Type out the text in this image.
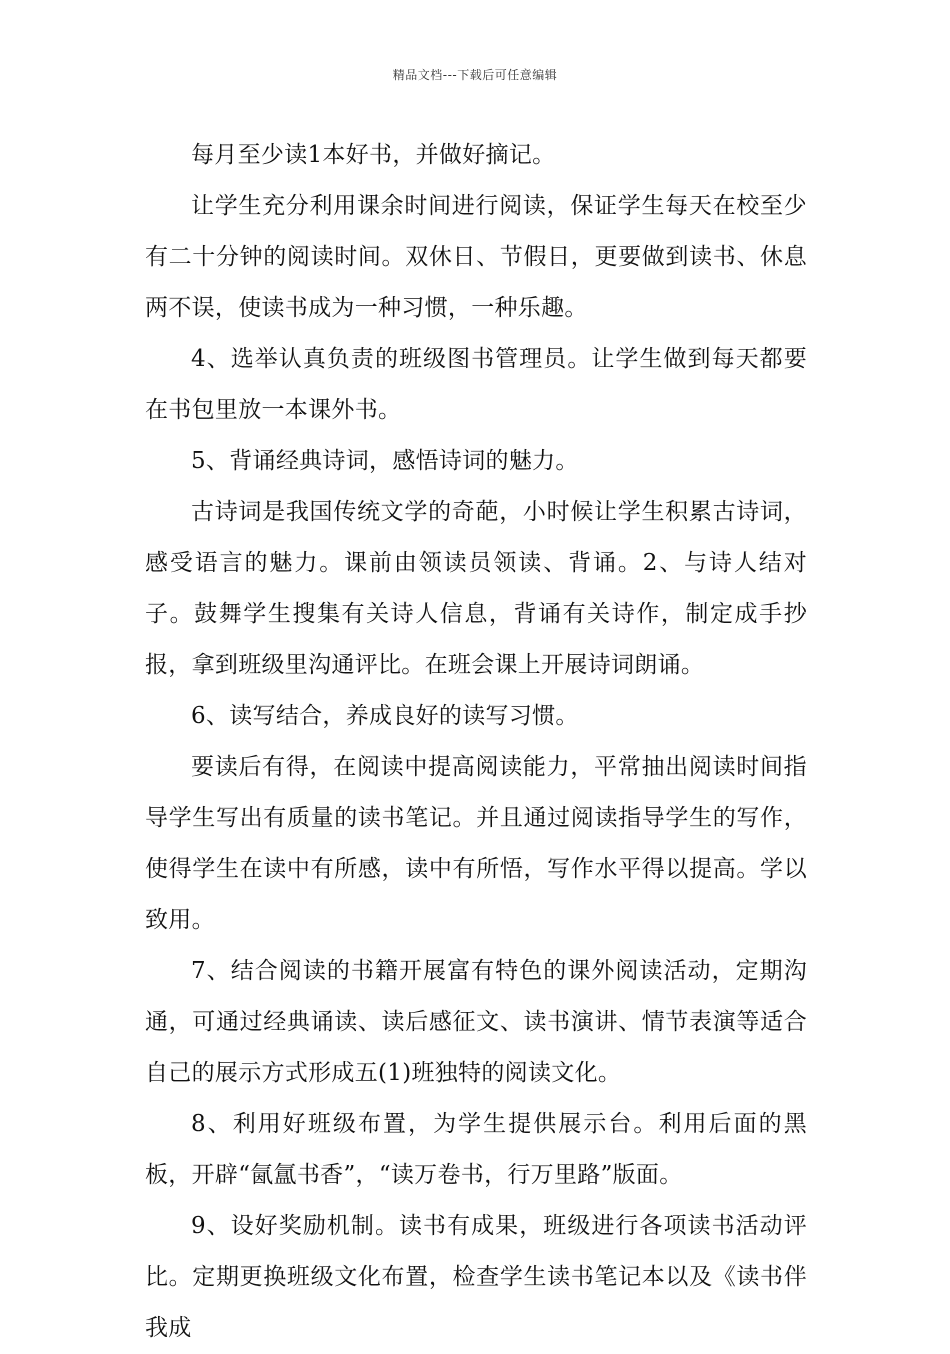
精品文档---下载后可任意编辑

每月至少读1本好书，并做好摘记。

让学生充分利用课余时间进行阅读，保证学生每天在校至少有二十分钟的阅读时间。双休日、节假日，更要做到读书、休息两不误，使读书成为一种习惯，一种乐趣。

4、选举认真负责的班级图书管理员。让学生做到每天都要在书包里放一本课外书。

5、背诵经典诗词，感悟诗词的魅力。

古诗词是我国传统文学的奇葩，小时候让学生积累古诗词，感受语言的魅力。课前由领读员领读、背诵。2、与诗人结对子。鼓舞学生搜集有关诗人信息，背诵有关诗作，制定成手抄报，拿到班级里沟通评比。在班会课上开展诗词朗诵。

6、读写结合，养成良好的读写习惯。

要读后有得，在阅读中提高阅读能力，平常抽出阅读时间指导学生写出有质量的读书笔记。并且通过阅读指导学生的写作，使得学生在读中有所感，读中有所悟，写作水平得以提高。学以致用。

7、结合阅读的书籍开展富有特色的课外阅读活动，定期沟通，可通过经典诵读、读后感征文、读书演讲、情节表演等适合自己的展示方式形成五(1)班独特的阅读文化。

8、利用好班级布置，为学生提供展示台。利用后面的黑板，开辟“氤氲书香”，“读万卷书，行万里路”版面。

9、设好奖励机制。读书有成果，班级进行各项读书活动评比。定期更换班级文化布置，检查学生读书笔记本以及《读书伴我成
